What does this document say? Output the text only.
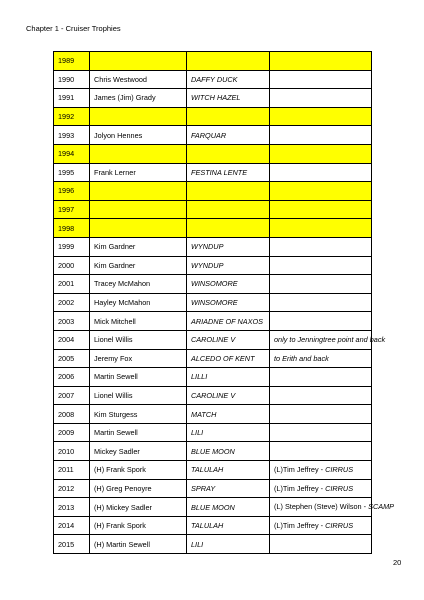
Chapter 1 - Cruiser Trophies
1989			
1990	Chris Westwood	DAFFY DUCK	
1991	James (Jim) Grady	WITCH HAZEL	
1992			
1993	Jolyon Hennes	FARQUAR	
1994			
1995	Frank Lerner	FESTINA LENTE	
1996			
1997			
1998			
1999	Kim Gardner	WYNDUP	
2000	Kim Gardner	WYNDUP	
2001	Tracey McMahon	WINSOMORE	
2002	Hayley McMahon	WINSOMORE	
2003	Mick Mitchell	ARIADNE OF NAXOS	
2004	Lionel Willis	CAROLINE V	only to Jenningtree point and back
2005	Jeremy Fox	ALCEDO OF KENT	to Erith and back
2006	Martin Sewell	LILLI	
2007	Lionel Willis	CAROLINE V	
2008	Kim Sturgess	MATCH	
2009	Martin Sewell	LILI	
2010	Mickey Sadler	BLUE MOON	
2011	(H) Frank Spork	TALULAH	(L)Tim Jeffrey - CIRRUS
2012	(H) Greg Penoyre	SPRAY	(L)Tim Jeffrey - CIRRUS
2013	(H) Mickey Sadler	BLUE MOON	(L) Stephen (Steve) Wilson - SCAMP
2014	(H) Frank Spork	TALULAH	(L)Tim Jeffrey - CIRRUS
2015	(H) Martin Sewell	LILI	
20
